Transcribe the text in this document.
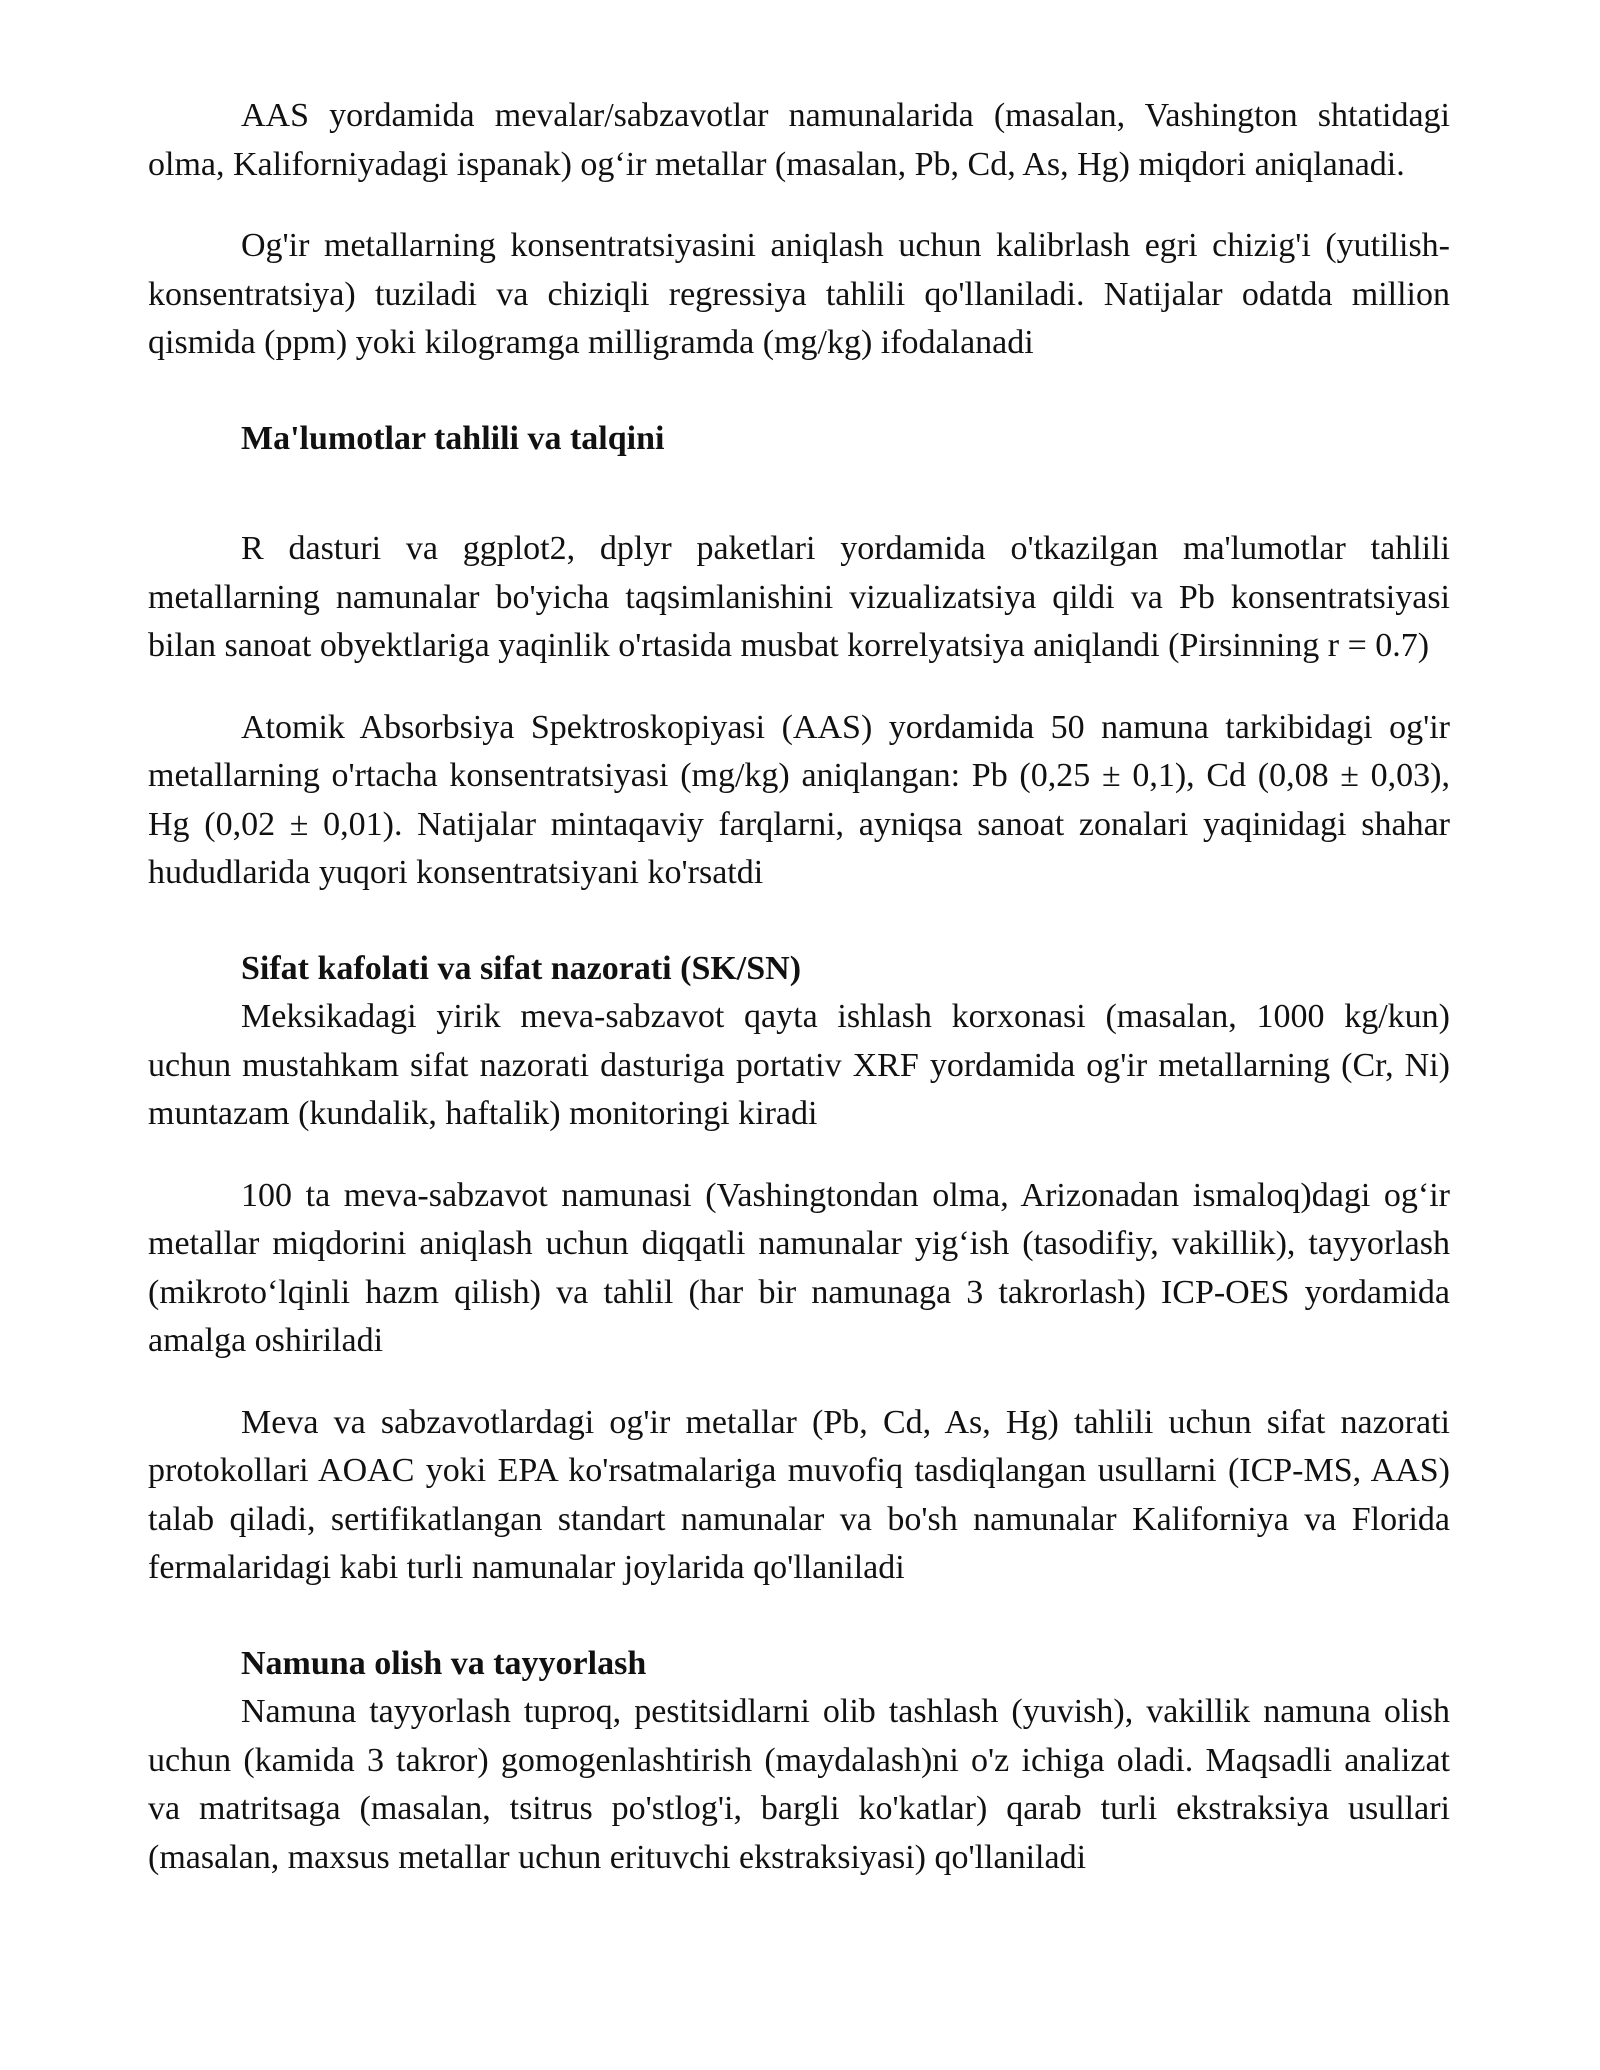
AAS yordamida mevalar/sabzavotlar namunalarida (masalan, Vashington shtatidagi olma, Kaliforniyadagi ispanak) og‘ir metallar (masalan, Pb, Cd, As, Hg) miqdori aniqlanadi.

Og'ir metallarning konsentratsiyasini aniqlash uchun kalibrlash egri chizig'i (yutilish-konsentratsiya) tuziladi va chiziqli regressiya tahlili qo'llaniladi. Natijalar odatda million qismida (ppm) yoki kilogramga milligramda (mg/kg) ifodalanadi

Ma'lumotlar tahlili va talqini

R dasturi va ggplot2, dplyr paketlari yordamida o'tkazilgan ma'lumotlar tahlili metallarning namunalar bo'yicha taqsimlanishini vizualizatsiya qildi va Pb konsentratsiyasi bilan sanoat obyektlariga yaqinlik o'rtasida musbat korrelyatsiya aniqlandi (Pirsinning r = 0.7)

Atomik Absorbsiya Spektroskopiyasi (AAS) yordamida 50 namuna tarkibidagi og'ir metallarning o'rtacha konsentratsiyasi (mg/kg) aniqlangan: Pb (0,25 ± 0,1), Cd (0,08 ± 0,03), Hg (0,02 ± 0,01). Natijalar mintaqaviy farqlarni, ayniqsa sanoat zonalari yaqinidagi shahar hududlarida yuqori konsentratsiyani ko'rsatdi

Sifat kafolati va sifat nazorati (SK/SN)

Meksikadagi yirik meva-sabzavot qayta ishlash korxonasi (masalan, 1000 kg/kun) uchun mustahkam sifat nazorati dasturiga portativ XRF yordamida og'ir metallarning (Cr, Ni) muntazam (kundalik, haftalik) monitoringi kiradi

100 ta meva-sabzavot namunasi (Vashingtondan olma, Arizonadan ismaloq)dagi og‘ir metallar miqdorini aniqlash uchun diqqatli namunalar yig‘ish (tasodifiy, vakillik), tayyorlash (mikroto‘lqinli hazm qilish) va tahlil (har bir namunaga 3 takrorlash) ICP-OES yordamida amalga oshiriladi

Meva va sabzavotlardagi og'ir metallar (Pb, Cd, As, Hg) tahlili uchun sifat nazorati protokollari AOAC yoki EPA ko'rsatmalariga muvofiq tasdiqlangan usullarni (ICP-MS, AAS) talab qiladi, sertifikatlangan standart namunalar va bo'sh namunalar Kaliforniya va Florida fermalaridagi kabi turli namunalar joylarida qo'llaniladi

Namuna olish va tayyorlash

Namuna tayyorlash tuproq, pestitsidlarni olib tashlash (yuvish), vakillik namuna olish uchun (kamida 3 takror) gomogenlashtirish (maydalash)ni o'z ichiga oladi. Maqsadli analizat va matritsaga (masalan, tsitrus po'stlog'i, bargli ko'katlar) qarab turli ekstraksiya usullari (masalan, maxsus metallar uchun erituvchi ekstraksiyasi) qo'llaniladi
